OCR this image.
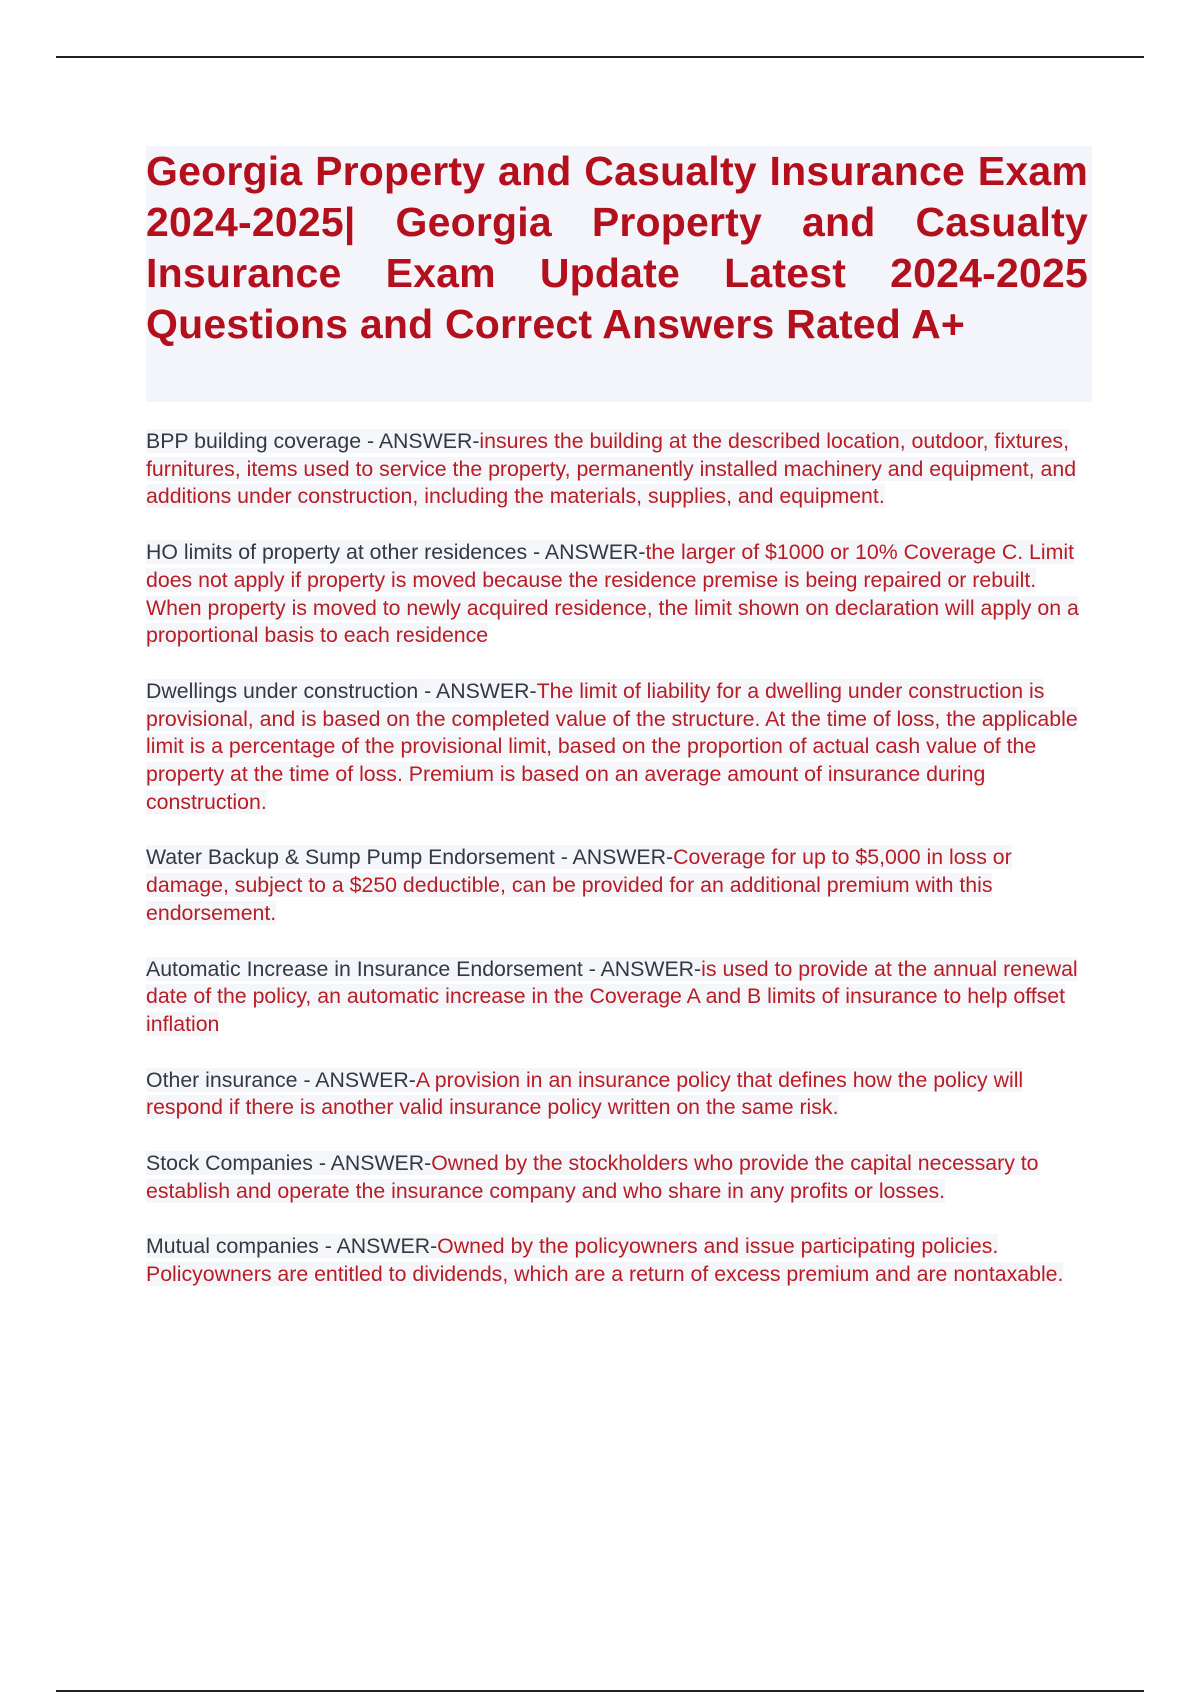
Georgia Property and Casualty Insurance Exam 2024-2025| Georgia Property and Casualty Insurance Exam Update Latest 2024-2025 Questions and Correct Answers Rated A+

BPP building coverage - ANSWER-insures the building at the described location, outdoor, fixtures, furnitures, items used to service the property, permanently installed machinery and equipment, and additions under construction, including the materials, supplies, and equipment.

HO limits of property at other residences - ANSWER-the larger of $1000 or 10% Coverage C. Limit does not apply if property is moved because the residence premise is being repaired or rebuilt.
When property is moved to newly acquired residence, the limit shown on declaration will apply on a proportional basis to each residence

Dwellings under construction - ANSWER-The limit of liability for a dwelling under construction is provisional, and is based on the completed value of the structure. At the time of loss, the applicable limit is a percentage of the provisional limit, based on the proportion of actual cash value of the property at the time of loss. Premium is based on an average amount of insurance during construction.

Water Backup & Sump Pump Endorsement - ANSWER-Coverage for up to $5,000 in loss or damage, subject to a $250 deductible, can be provided for an additional premium with this endorsement.

Automatic Increase in Insurance Endorsement - ANSWER-is used to provide at the annual renewal date of the policy, an automatic increase in the Coverage A and B limits of insurance to help offset inflation

Other insurance - ANSWER-A provision in an insurance policy that defines how the policy will respond if there is another valid insurance policy written on the same risk.

Stock Companies - ANSWER-Owned by the stockholders who provide the capital necessary to establish and operate the insurance company and who share in any profits or losses.

Mutual companies - ANSWER-Owned by the policyowners and issue participating policies. Policyowners are entitled to dividends, which are a return of excess premium and are nontaxable.
